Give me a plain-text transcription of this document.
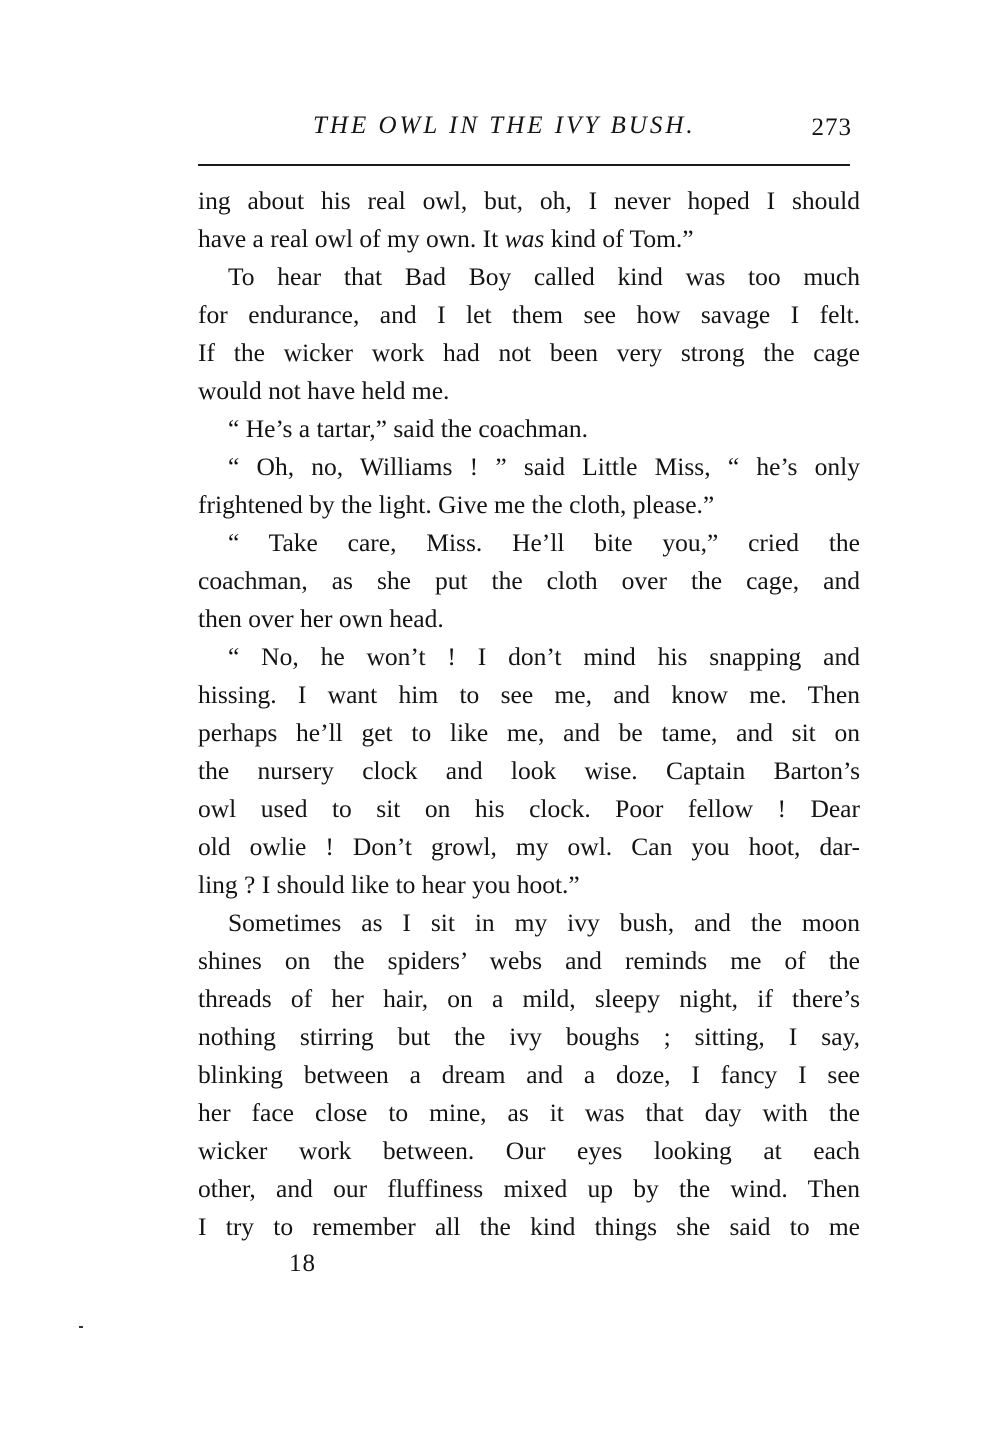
THE OWL IN THE IVY BUSH.	273
ing about his real owl, but, oh, I never hoped I should
have a real owl of my own. It was kind of Tom.”
To hear that Bad Boy called kind was too much
for endurance, and I let them see how savage I felt.
If the wicker work had not been very strong the cage
would not have held me.
“ He’s a tartar,” said the coachman.
“ Oh, no, Williams ! ” said Little Miss, “ he’s only
frightened by the light. Give me the cloth, please.”
“ Take care, Miss. He’ll bite you,” cried the
coachman, as she put the cloth over the cage, and
then over her own head.
“ No, he won’t ! I don’t mind his snapping and
hissing. I want him to see me, and know me. Then
perhaps he’ll get to like me, and be tame, and sit on
the nursery clock and look wise. Captain Barton’s
owl used to sit on his clock. Poor fellow ! Dear
old owlie ! Don’t growl, my owl. Can you hoot, dar-
ling ? I should like to hear you hoot.”
Sometimes as I sit in my ivy bush, and the moon
shines on the spiders’ webs and reminds me of the
threads of her hair, on a mild, sleepy night, if there’s
nothing stirring but the ivy boughs ; sitting, I say,
blinking between a dream and a doze, I fancy I see
her face close to mine, as it was that day with the
wicker work between. Our eyes looking at each
other, and our fluffiness mixed up by the wind. Then
I try to remember all the kind things she said to me
18
